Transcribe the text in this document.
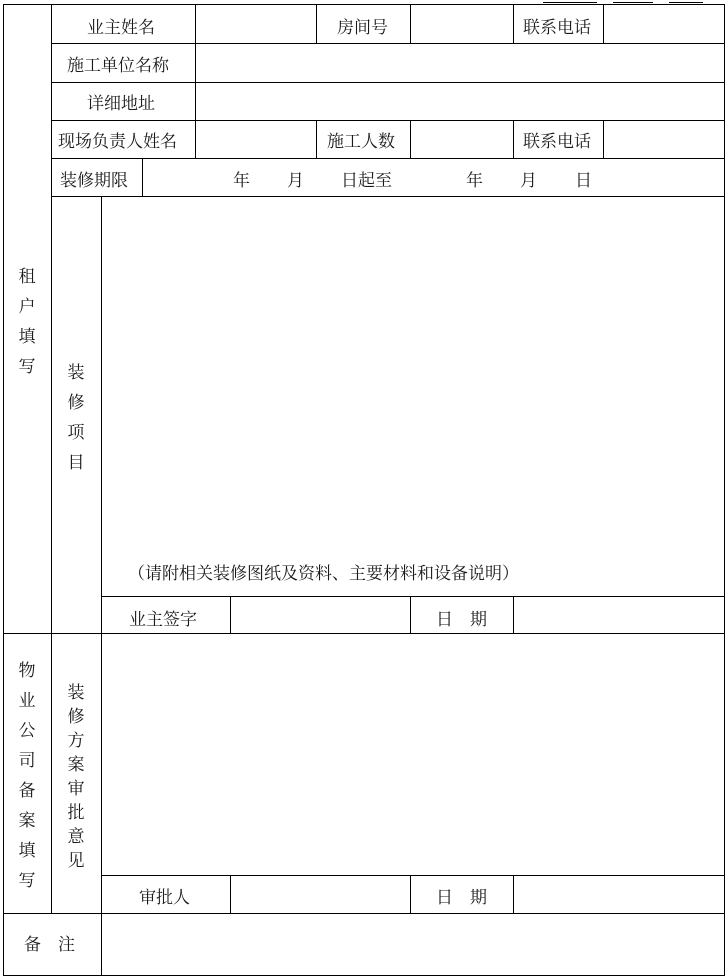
业主姓名	房间号	联系电话
施工单位名称
详细地址
现场负责人姓名	施工人数	联系电话
装修期限	年 月 日起至	年 月 日
租户填写 装修项目
（请附相关装修图纸及资料、主要材料和设备说明）
业主签字	日　期
物业公司备案填写
装修方案审批意见
审批人	日　期
备　注
